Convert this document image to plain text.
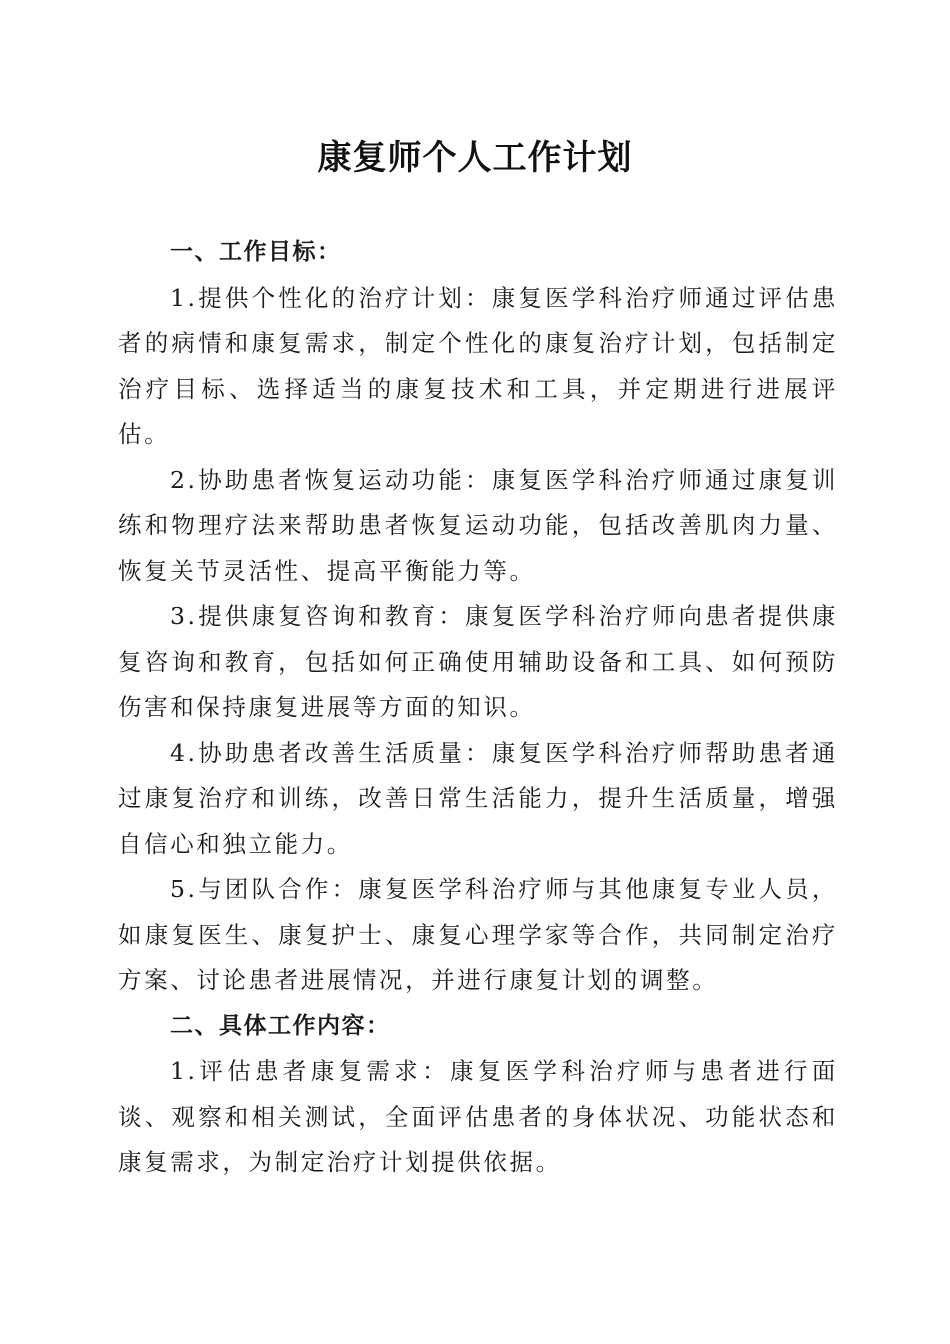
康复师个人工作计划

一、工作目标：

1.提供个性化的治疗计划：康复医学科治疗师通过评估患者的病情和康复需求，制定个性化的康复治疗计划，包括制定治疗目标、选择适当的康复技术和工具，并定期进行进展评估。

2.协助患者恢复运动功能：康复医学科治疗师通过康复训练和物理疗法来帮助患者恢复运动功能，包括改善肌肉力量、恢复关节灵活性、提高平衡能力等。

3.提供康复咨询和教育：康复医学科治疗师向患者提供康复咨询和教育，包括如何正确使用辅助设备和工具、如何预防伤害和保持康复进展等方面的知识。

4.协助患者改善生活质量：康复医学科治疗师帮助患者通过康复治疗和训练，改善日常生活能力，提升生活质量，增强自信心和独立能力。

5.与团队合作：康复医学科治疗师与其他康复专业人员，如康复医生、康复护士、康复心理学家等合作，共同制定治疗方案、讨论患者进展情况，并进行康复计划的调整。

二、具体工作内容：

1.评估患者康复需求：康复医学科治疗师与患者进行面谈、观察和相关测试，全面评估患者的身体状况、功能状态和康复需求，为制定治疗计划提供依据。
